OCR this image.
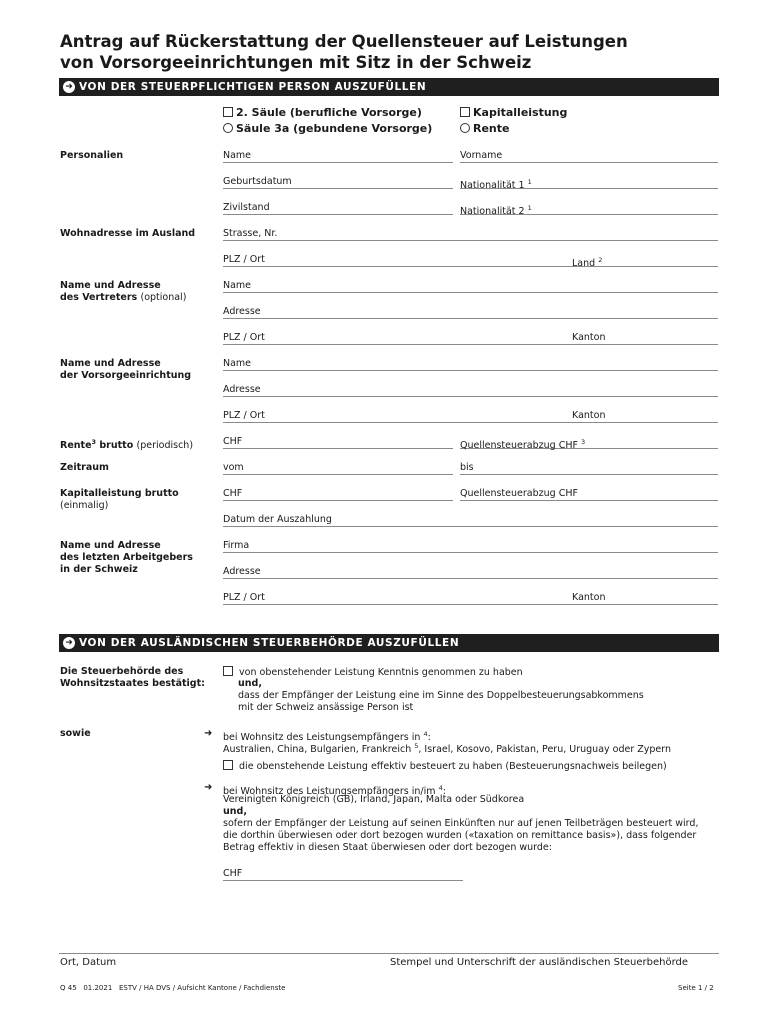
Antrag auf Rückerstattung der Quellensteuer auf Leistungen
von Vorsorgeeinrichtungen mit Sitz in der Schweiz
➜ VON DER STEUERPFLICHTIGEN PERSON AUSZUFÜLLEN
2. Säule (berufliche Vorsorge)
Säule 3a (gebundene Vorsorge)
Kapitalleistung
Rente
Personalien	Name	Vorname
Geburtsdatum	Nationalität 1 $^1$
Zivilstand	Nationalität 2 $^1$
Wohnadresse im Ausland	Strasse, Nr.
PLZ / Ort	Land $^2$
Name und Adresse
des Vertreters (optional)
Name
Adresse
PLZ / Ort	Kanton
Name und Adresse
der Vorsorgeeinrichtung
Name
Adresse
PLZ / Ort	Kanton
Rente$^3$ brutto (periodisch)	CHF	Quellensteuerabzug CHF $^3$
Zeitraum	vom	bis
Kapitalleistung brutto
(einmalig)
CHF	Quellensteuerabzug CHF
Datum der Auszahlung
Name und Adresse
des letzten Arbeitgebers
in der Schweiz
Firma
Adresse
PLZ / Ort	Kanton
➜ VON DER AUSLÄNDISCHEN STEUERBEHÖRDE AUSZUFÜLLEN
Die Steuerbehörde des
Wohnsitzstaates bestätigt:
von obenstehender Leistung Kenntnis genommen zu haben
und,
dass der Empfänger der Leistung eine im Sinne des Doppelbesteuerungsabkommens
mit der Schweiz ansässige Person ist
sowie	➜ bei Wohnsitz des Leistungsempfängers in $^4$:
Australien, China, Bulgarien, Frankreich $^5$, Israel, Kosovo, Pakistan, Peru, Uruguay oder Zypern
die obenstehende Leistung effektiv besteuert zu haben (Besteuerungsnachweis beilegen)
➜ bei Wohnsitz des Leistungsempfängers in/im $^4$:
Vereinigten Königreich (GB), Irland, Japan, Malta oder Südkorea
und,
sofern der Empfänger der Leistung auf seinen Einkünften nur auf jenen Teilbeträgen besteuert wird,
die dorthin überwiesen oder dort bezogen wurden («taxation on remittance basis»), dass folgender
Betrag effektiv in diesen Staat überwiesen oder dort bezogen wurde:
CHF
Ort, Datum	Stempel und Unterschrift der ausländischen Steuerbehörde
Q 45 01.2021 ESTV / HA DVS / Aufsicht Kantone / Fachdienste	Seite 1 / 2
